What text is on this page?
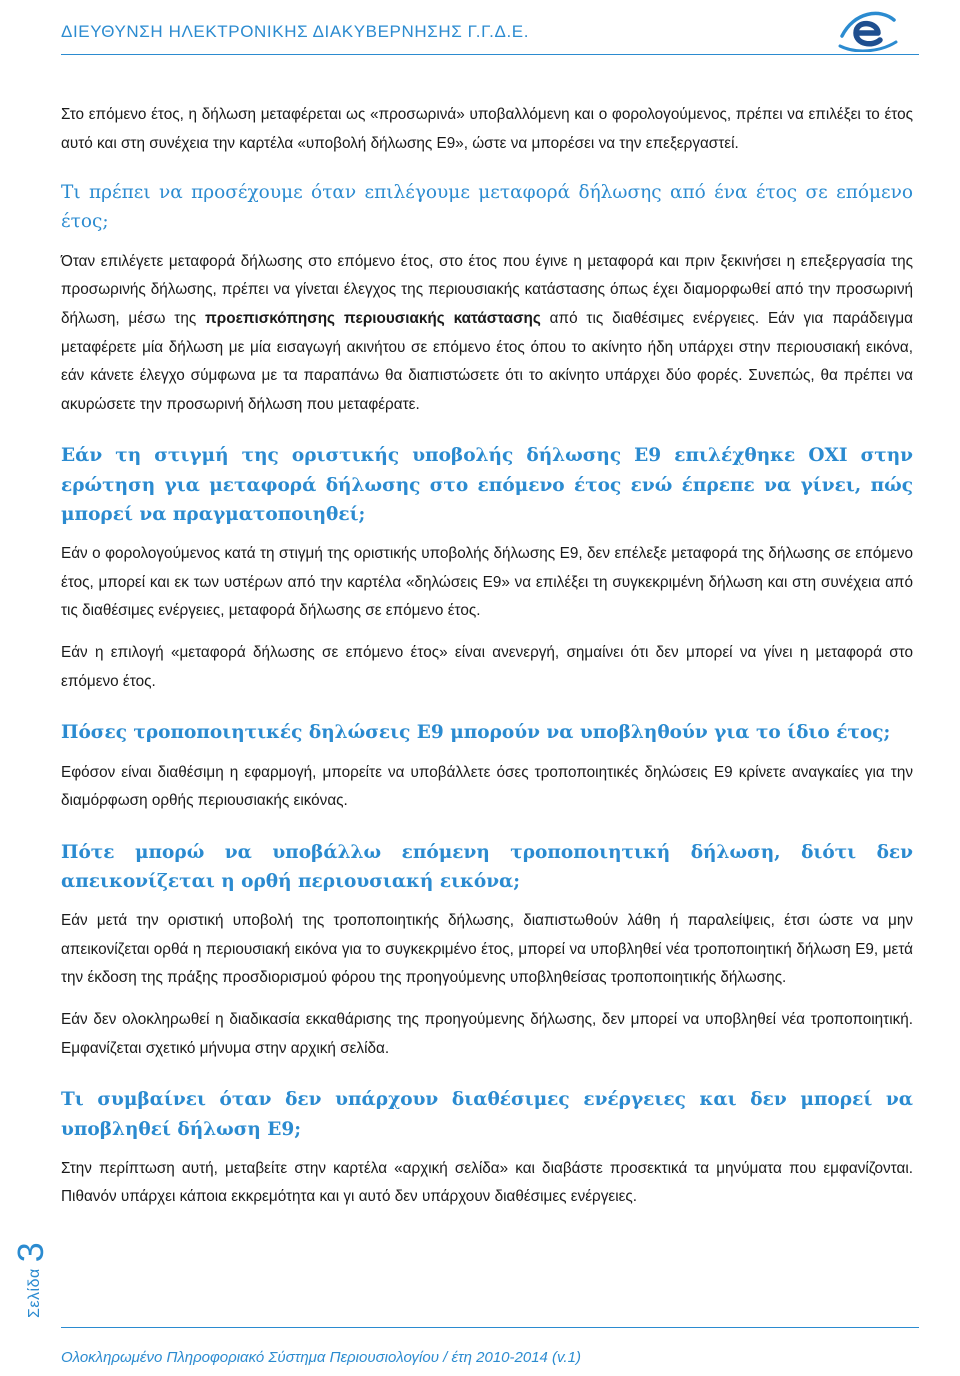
ΔΙΕΥΘΥΝΣΗ ΗΛΕΚΤΡΟΝΙΚΗΣ ΔΙΑΚΥΒΕΡΝΗΣΗΣ Γ.Γ.Δ.Ε.

Στο επόμενο έτος, η δήλωση μεταφέρεται ως «προσωρινά» υποβαλλόμενη και ο φορολογούμενος, πρέπει να επιλέξει το έτος αυτό και στη συνέχεια την καρτέλα «υποβολή δήλωσης Ε9», ώστε να μπορέσει να την επεξεργαστεί.

Τι πρέπει να προσέχουμε όταν επιλέγουμε μεταφορά δήλωσης από ένα έτος σε επόμενο έτος;

Όταν επιλέγετε μεταφορά δήλωσης στο επόμενο έτος, στο έτος που έγινε η μεταφορά και πριν ξεκινήσει η επεξεργασία της προσωρινής δήλωσης, πρέπει να γίνεται έλεγχος της περιουσιακής κατάστασης όπως έχει διαμορφωθεί από την προσωρινή δήλωση, μέσω της προεπισκόπησης περιουσιακής κατάστασης από τις διαθέσιμες ενέργειες. Εάν για παράδειγμα μεταφέρετε μία δήλωση με μία εισαγωγή ακινήτου σε επόμενο έτος όπου το ακίνητο ήδη υπάρχει στην περιουσιακή εικόνα, εάν κάνετε έλεγχο σύμφωνα με τα παραπάνω θα διαπιστώσετε ότι το ακίνητο υπάρχει δύο φορές. Συνεπώς, θα πρέπει να ακυρώσετε την προσωρινή δήλωση που μεταφέρατε.

Εάν τη στιγμή της οριστικής υποβολής δήλωσης Ε9 επιλέχθηκε ΟΧΙ στην ερώτηση για μεταφορά δήλωσης στο επόμενο έτος ενώ έπρεπε να γίνει, πώς μπορεί να πραγματοποιηθεί;

Εάν ο φορολογούμενος κατά τη στιγμή της οριστικής υποβολής δήλωσης Ε9, δεν επέλεξε μεταφορά της δήλωσης σε επόμενο έτος, μπορεί και εκ των υστέρων από την καρτέλα «δηλώσεις Ε9» να επιλέξει τη συγκεκριμένη δήλωση και στη συνέχεια από τις διαθέσιμες ενέργειες, μεταφορά δήλωσης σε επόμενο έτος.

Εάν η επιλογή «μεταφορά δήλωσης σε επόμενο έτος» είναι ανενεργή, σημαίνει ότι δεν μπορεί να γίνει η μεταφορά στο επόμενο έτος.

Πόσες τροποποιητικές δηλώσεις Ε9 μπορούν να υποβληθούν για το ίδιο έτος;

Εφόσον είναι διαθέσιμη η εφαρμογή, μπορείτε να υποβάλλετε όσες τροποποιητικές δηλώσεις Ε9 κρίνετε αναγκαίες για την διαμόρφωση ορθής περιουσιακής εικόνας.

Πότε μπορώ να υποβάλλω επόμενη τροποποιητική δήλωση, διότι δεν απεικονίζεται η ορθή περιουσιακή εικόνα;

Εάν μετά την οριστική υποβολή της τροποποιητικής δήλωσης, διαπιστωθούν λάθη ή παραλείψεις, έτσι ώστε να μην απεικονίζεται ορθά η περιουσιακή εικόνα για το συγκεκριμένο έτος, μπορεί να υποβληθεί νέα τροποποιητική δήλωση Ε9, μετά την έκδοση της πράξης προσδιορισμού φόρου της προηγούμενης υποβληθείσας τροποποιητικής δήλωσης.

Εάν δεν ολοκληρωθεί η διαδικασία εκκαθάρισης της προηγούμενης δήλωσης, δεν μπορεί να υποβληθεί νέα τροποποιητική. Εμφανίζεται σχετικό μήνυμα στην αρχική σελίδα.

Τι συμβαίνει όταν δεν υπάρχουν διαθέσιμες ενέργειες και δεν μπορεί να υποβληθεί δήλωση Ε9;

Στην περίπτωση αυτή, μεταβείτε στην καρτέλα «αρχική σελίδα» και διαβάστε προσεκτικά τα μηνύματα που εμφανίζονται. Πιθανόν υπάρχει κάποια εκκρεμότητα και γι αυτό δεν υπάρχουν διαθέσιμες ενέργειες.

Σελίδα3
Ολοκληρωμένο Πληροφοριακό Σύστημα Περιουσιολογίου / έτη 2010-2014 (v.1)
